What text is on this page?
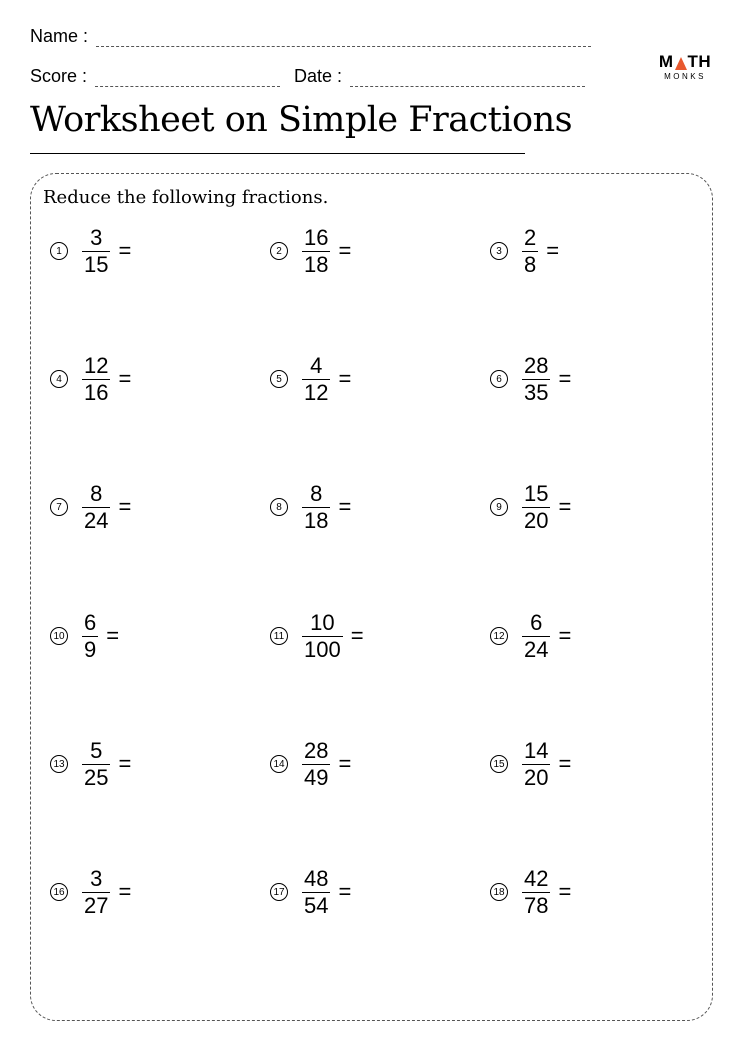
Name :
Score :	Date :
M TH
MONKS
Worksheet on Simple Fractions
Reduce the following fractions.
$1 \frac{3}{15}$ =	$2 \frac{16}{18}$ =	$3 \frac{2}{8}$ =
$4 \frac{12}{16}$ =	$5 \frac{4}{12}$ =	$6 \frac{28}{35}$ =
$7 \frac{8}{24}$ =	$8 \frac{8}{18}$ =	$9 \frac{15}{20}$ =
$10 \frac{6}{9}$ =	$11 \frac{10}{100}$ =	$12 \frac{6}{24}$ =
$13 \frac{5}{25}$ =	$14 \frac{28}{49}$ =	$15 \frac{14}{20}$ =
$16 \frac{3}{27}$ =	$17 \frac{48}{54}$ =	$18 \frac{42}{78}$ =
